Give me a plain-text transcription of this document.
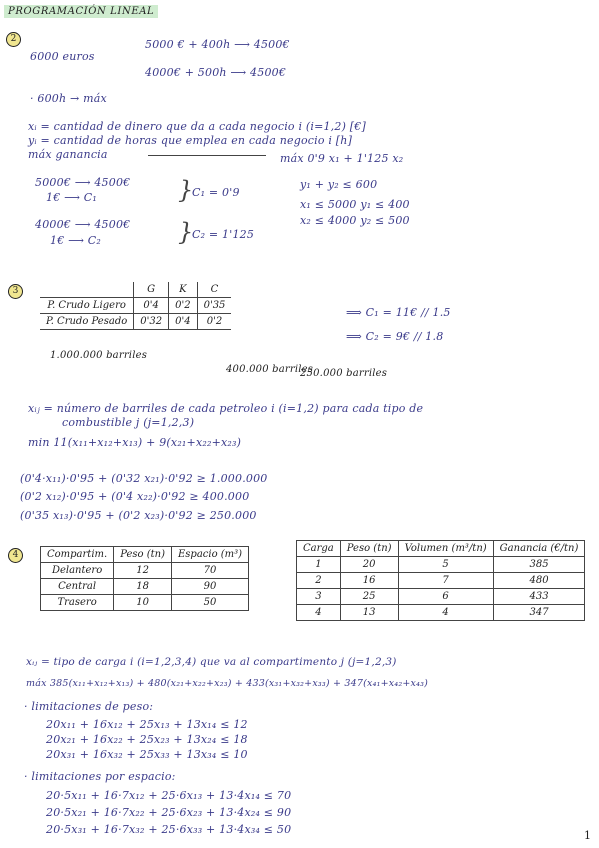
PROGRAMACIÓN LINEAL
2
6000 euros
5000 € + 400h ⟶ 4500€
4000€ + 500h ⟶ 4500€
· 600h → máx
xᵢ = cantidad de dinero que da a cada negocio i (i=1,2) [€]
yᵢ = cantidad de horas que emplea en cada negocio i [h]
máx ganancia	máx 0'9 x₁ + 1'125 x₂
5000€ ⟶ 4500€
1€ ⟶ C₁	}
C₁ = 0'9
4000€ ⟶ 4500€
1€ ⟶ C₂	}
C₂ = 1'125
y₁ + y₂ ≤ 600
x₁ ≤ 5000 y₁ ≤ 400
x₂ ≤ 4000 y₂ ≤ 500
3
		G	K	C
P. Crudo Ligero	0'4	0'2	0'35
P. Crudo Pesado	0'32	0'4	0'2
⟹ C₁ = 11€ // 1.5
⟹ C₂ = 9€ // 1.8
1.000.000 barriles
400.000 barriles
250.000 barriles
xᵢⱼ = número de barriles de cada petroleo i (i=1,2) para cada tipo de
combustible j (j=1,2,3)
min 11(x₁₁+x₁₂+x₁₃) + 9(x₂₁+x₂₂+x₂₃)
(0'4·x₁₁)·0'95 + (0'32 x₂₁)·0'92 ≥ 1.000.000
(0'2 x₁₂)·0'95 + (0'4 x₂₂)·0'92 ≥ 400.000
(0'35 x₁₃)·0'95 + (0'2 x₂₃)·0'92 ≥ 250.000
4	Compartim.	Peso (tn)	Espacio (m³)
Delantero	12	70
Central	18	90
Trasero	10	50
Carga	Peso (tn)	Volumen (m³/tn)	Ganancia (€/tn)
1	20	5	385
2	16	7	480
3	25	6	433
4	13	4	347
xᵢⱼ = tipo de carga i (i=1,2,3,4) que va al compartimento j (j=1,2,3)
máx 385(x₁₁+x₁₂+x₁₃) + 480(x₂₁+x₂₂+x₂₃) + 433(x₃₁+x₃₂+x₃₃) + 347(x₄₁+x₄₂+x₄₃)
· limitaciones de peso:
20x₁₁ + 16x₁₂ + 25x₁₃ + 13x₁₄ ≤ 12
20x₂₁ + 16x₂₂ + 25x₂₃ + 13x₂₄ ≤ 18
20x₃₁ + 16x₃₂ + 25x₃₃ + 13x₃₄ ≤ 10
· limitaciones por espacio:
20·5x₁₁ + 16·7x₁₂ + 25·6x₁₃ + 13·4x₁₄ ≤ 70
20·5x₂₁ + 16·7x₂₂ + 25·6x₂₃ + 13·4x₂₄ ≤ 90
20·5x₃₁ + 16·7x₃₂ + 25·6x₃₃ + 13·4x₃₄ ≤ 50	1
